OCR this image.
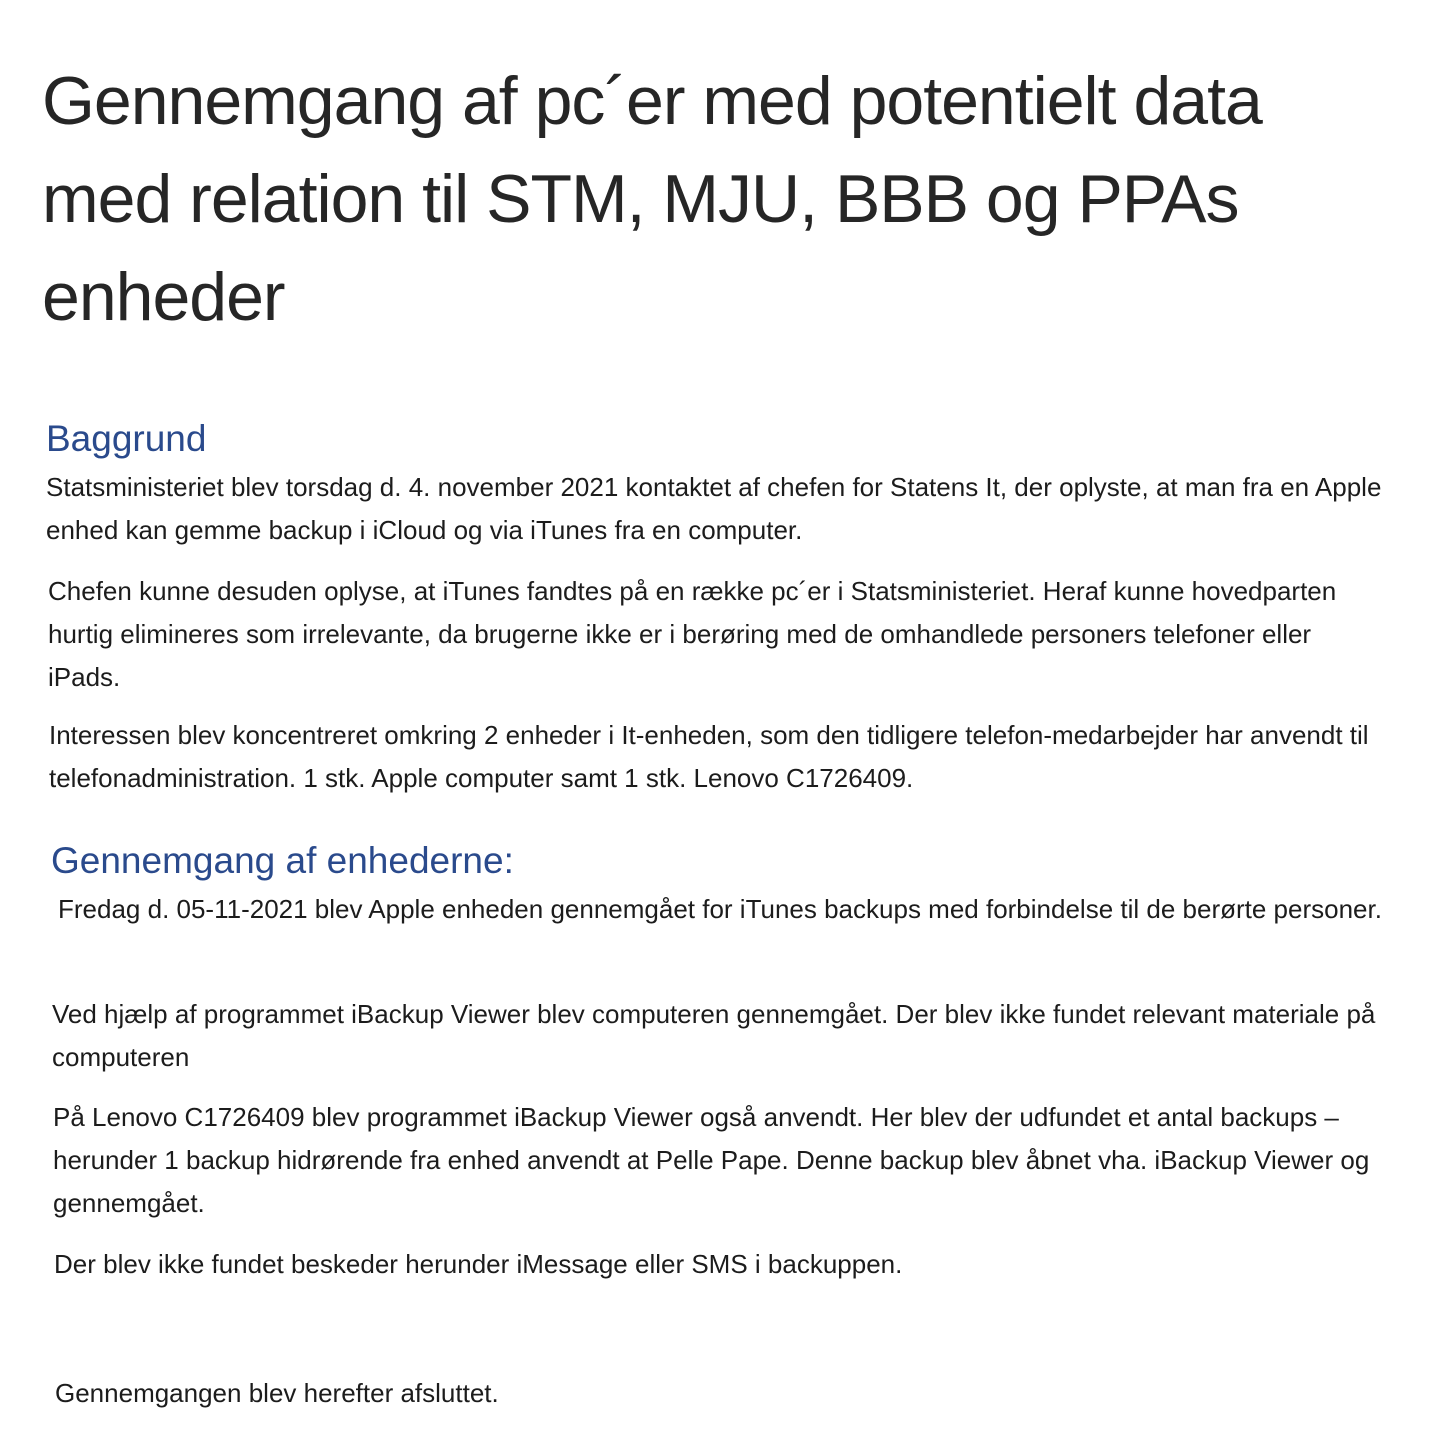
Gennemgang af pc´er med potentielt data med relation til STM, MJU, BBB og PPAs enheder
Baggrund

Statsministeriet blev torsdag d. 4. november 2021 kontaktet af chefen for Statens It, der oplyste, at man fra en Apple enhed kan gemme backup i iCloud og via iTunes fra en computer.

Chefen kunne desuden oplyse, at iTunes fandtes på en række pc´er i Statsministeriet. Heraf kunne hovedparten hurtig elimineres som irrelevante, da brugerne ikke er i berøring med de omhandlede personers telefoner eller iPads.

Interessen blev koncentreret omkring 2 enheder i It-enheden, som den tidligere telefon-medarbejder har anvendt til telefonadministration. 1 stk. Apple computer samt 1 stk. Lenovo C1726409.

Gennemgang af enhederne:

Fredag d. 05-11-2021 blev Apple enheden gennemgået for iTunes backups med forbindelse til de berørte personer.

Ved hjælp af programmet iBackup Viewer blev computeren gennemgået. Der blev ikke fundet relevant materiale på computeren

På Lenovo C1726409 blev programmet iBackup Viewer også anvendt. Her blev der udfundet et antal backups – herunder 1 backup hidrørende fra enhed anvendt at Pelle Pape. Denne backup blev åbnet vha. iBackup Viewer og gennemgået.

Der blev ikke fundet beskeder herunder iMessage eller SMS i backuppen.

Gennemgangen blev herefter afsluttet.
